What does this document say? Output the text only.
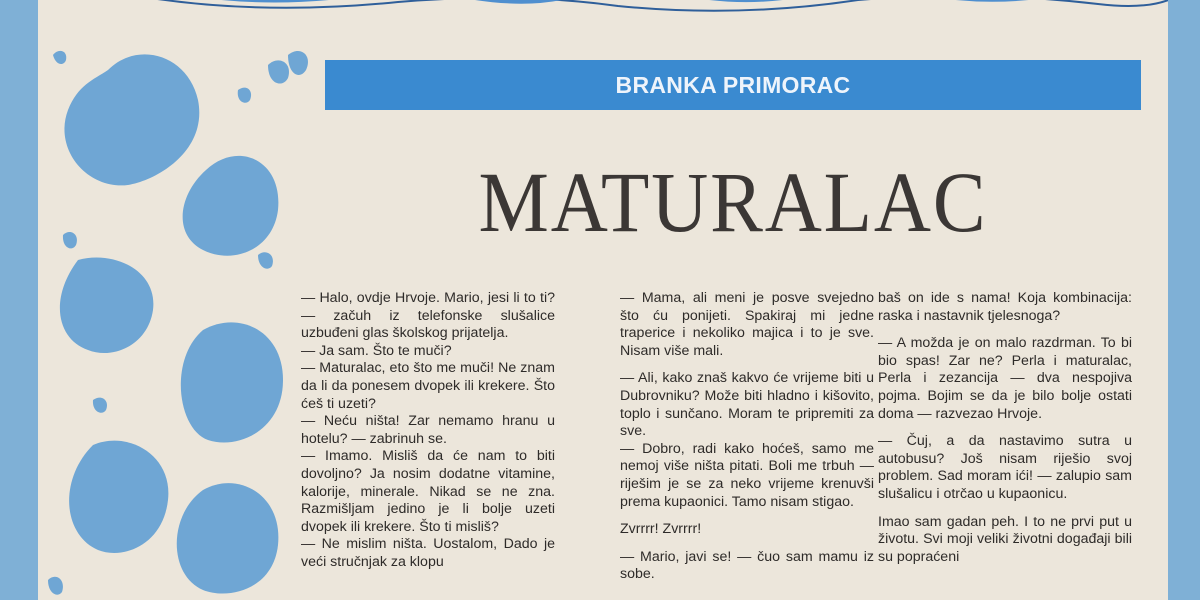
BRANKA PRIMORAC
MATURALAC

— Halo, ovdje Hrvoje. Mario, jesi li to ti? — začuh iz telefonske slušalice uzbuđeni glas školskog prijatelja.

— Ja sam. Što te muči?

— Maturalac, eto što me muči! Ne znam da li da ponesem dvopek ili krekere. Što ćeš ti uzeti?

— Neću ništa! Zar nemamo hranu u hotelu? — zabrinuh se.

— Imamo. Misliš da će nam to biti dovoljno? Ja nosim dodatne vitamine, kalorije, minerale. Nikad se ne zna. Razmišljam jedino je li bolje uzeti dvopek ili krekere. Što ti misliš?

— Ne mislim ništa. Uostalom, Dado je veći stručnjak za klopu

— Mama, ali meni je posve svejedno što ću ponijeti. Spakiraj mi jedne traperice i nekoliko majica i to je sve. Nisam više mali.

— Ali, kako znaš kakvo će vrijeme biti u Dubrovniku? Može biti hladno i kišovito, toplo i sunčano. Moram te pripremiti za sve.

— Dobro, radi kako hoćeš, samo me nemoj više ništa pitati. Boli me trbuh — riješim je se za neko vrijeme krenuvši prema kupaonici. Tamo nisam stigao.

Zvrrrr! Zvrrrr!

— Mario, javi se! — čuo sam mamu iz sobe.

baš on ide s nama! Koja kombinacija: raska i nastavnik tjelesnoga?

— A možda je on malo razdrman. To bi bio spas! Zar ne? Perla i maturalac, Perla i zezancija — dva nespojiva pojma. Bojim se da je bilo bolje ostati doma — razvezao Hrvoje.

— Čuj, a da nastavimo sutra u autobusu? Još nisam riješio svoj problem. Sad moram ići! — zalupio sam slušalicu i otrčao u kupaonicu.

Imao sam gadan peh. I to ne prvi put u životu. Svi moji veliki životni događaji bili su popraćeni
